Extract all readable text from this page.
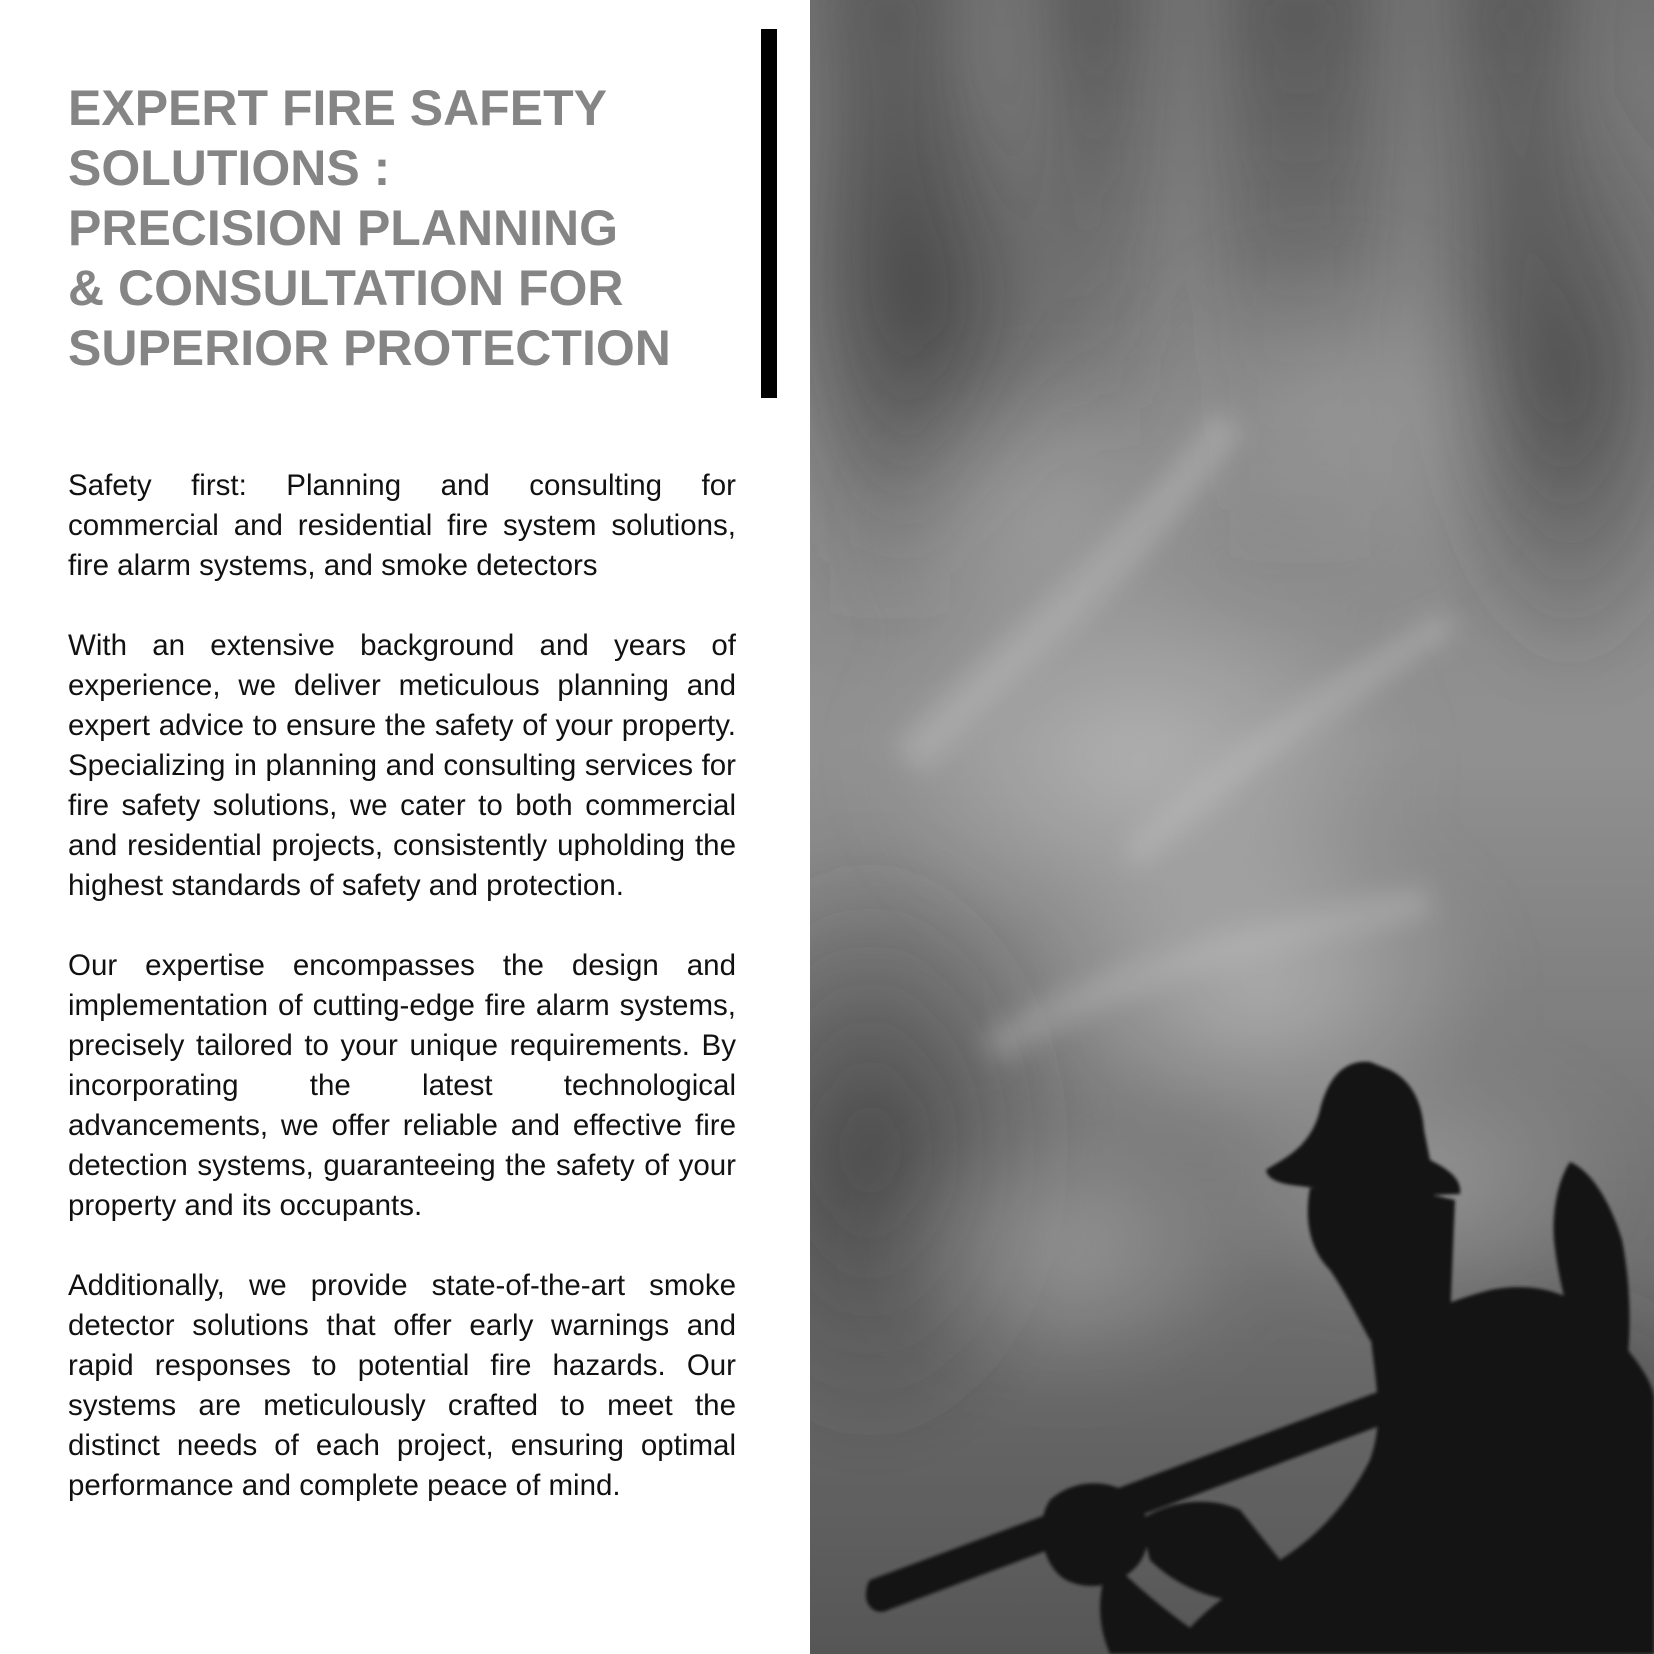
EXPERT FIRE SAFETY
SOLUTIONS :
PRECISION PLANNING
& CONSULTATION FOR
SUPERIOR PROTECTION

Safety first: Planning and consulting for commercial and residential fire system solutions, fire alarm systems, and smoke detectors

With an extensive background and years of experience, we deliver meticulous planning and expert advice to ensure the safety of your property. Specializing in planning and consulting services for fire safety solutions, we cater to both commercial and residential projects, consistently upholding the highest standards of safety and protection.

Our expertise encompasses the design and implementation of cutting-edge fire alarm systems, precisely tailored to your unique requirements. By incorporating the latest technological advancements, we offer reliable and effective fire detection systems, guaranteeing the safety of your property and its occupants.

Additionally, we provide state-of-the-art smoke detector solutions that offer early warnings and rapid responses to potential fire hazards. Our systems are meticulously crafted to meet the distinct needs of each project, ensuring optimal performance and complete peace of mind.
